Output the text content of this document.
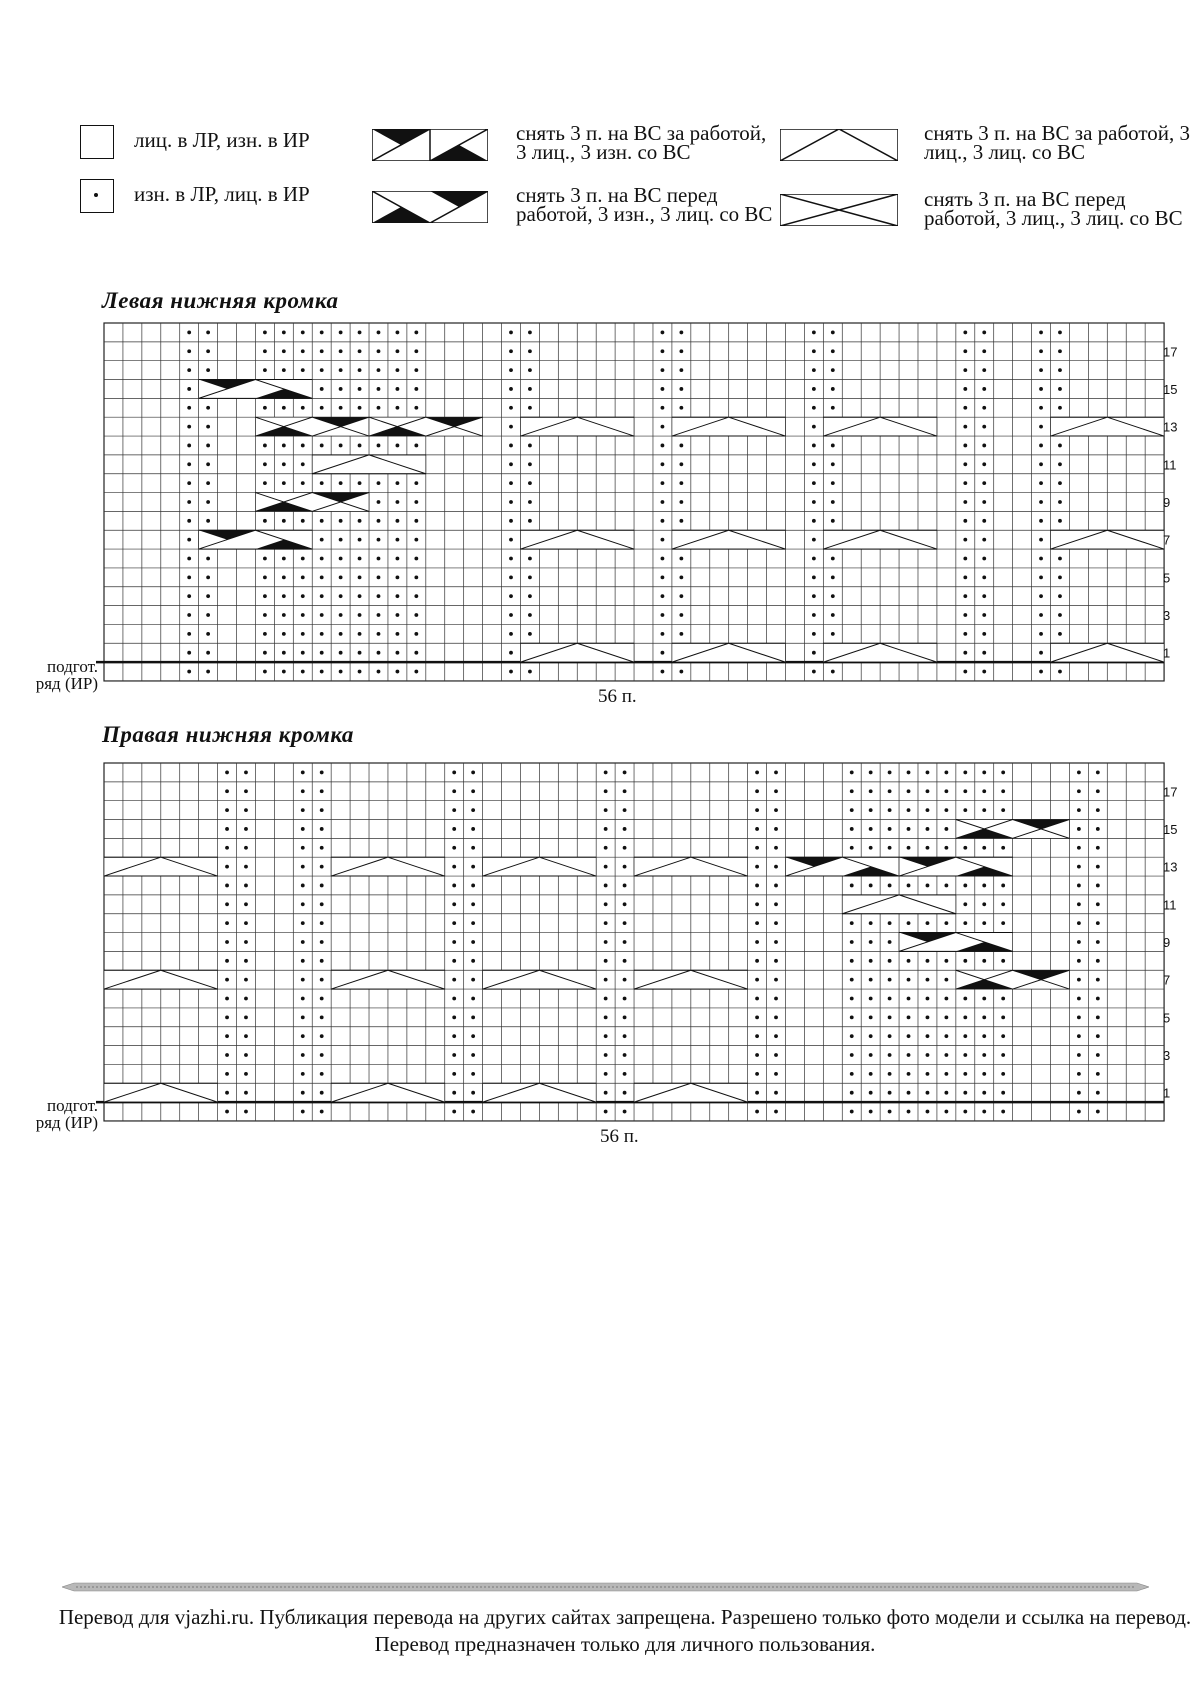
лиц. в ЛР, изн. в ИР
изн. в ЛР, лиц. в ИР
снять 3 п. на ВС за работой, 3 лиц., 3 изн. со ВС
снять 3 п. на ВС перед работой, 3 изн., 3 лиц. со ВС
снять 3 п. на ВС за работой, 3 лиц., 3 лиц. со ВС
снять 3 п. на ВС перед работой, 3 лиц., 3 лиц. со ВС
Левая нижняя кромка
17
15
13
11
9
7
5
3
1
подгот.
ряд (ИР)
56 п.
Правая нижняя кромка
17
15
13
11
9
7
5
3
1
подгот.
ряд (ИР)
56 п.
Перевод для vjazhi.ru. Публикация перевода на других сайтах запрещена. Разрешено только фото модели и ссылка на перевод. Перевод предназначен только для личного пользования.
